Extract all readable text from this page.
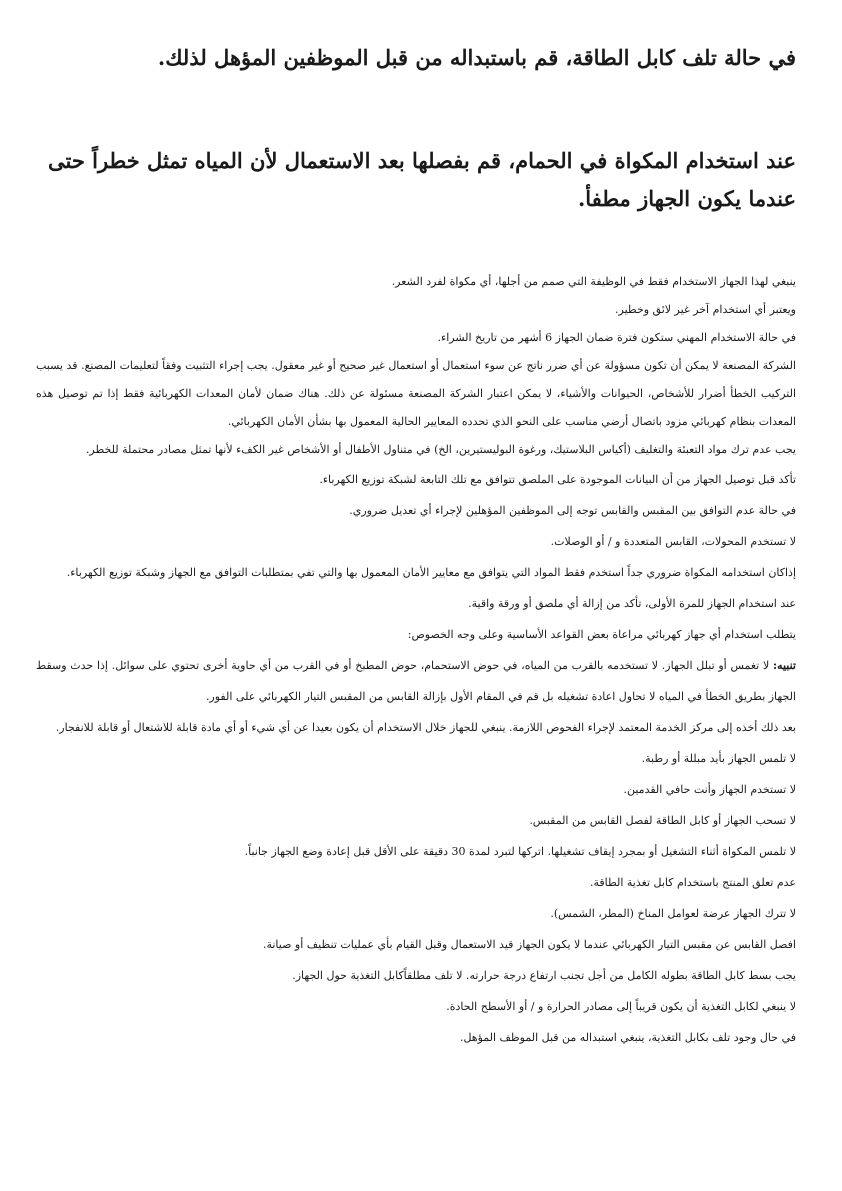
في حالة تلف كابل الطاقة، قم باستبداله من قبل الموظفين المؤهل لذلك.
عند استخدام المكواة في الحمام، قم بفصلها بعد الاستعمال لأن المياه تمثل خطراً حتى عندما يكون الجهاز مطفأ.

ينبغي لهذا الجهاز الاستخدام فقط في الوظيفة التي صمم من أجلها، أي مكواة لفرد الشعر.

ويعتبر أي استخدام آخر غير لائق وخطير.

في حالة الاستخدام المهني ستكون فترة ضمان الجهاز 6 أشهر من تاريخ الشراء.

الشركة المصنعة لا يمكن أن تكون مسؤولة عن أي ضرر ناتج عن سوء استعمال أو استعمال غير صحيح أو غير معقول. يجب إجراء التثبيت وفقاً لتعليمات المصنع. قد يسبب التركيب الخطأ أضرار للأشخاص، الحيوانات والأشياء، لا يمكن اعتبار الشركة المصنعة مسئولة عن ذلك. هناك ضمان لأمان المعدات الكهربائية فقط إذا تم توصيل هذه المعدات بنظام كهربائي مزود باتصال أرضي مناسب على النحو الذي تحدده المعايير الحالية المعمول بها بشأن الأمان الكهربائي.

يجب عدم ترك مواد التعبئة والتغليف (أكياس البلاستيك، ورغوة البوليستيرين، الخ) في متناول الأطفال أو الأشخاص غير الكفء لأنها تمثل مصادر محتملة للخطر.

تأكد قبل توصيل الجهاز من أن البيانات الموجودة على الملصق تتوافق مع تلك التابعة لشبكة توزيع الكهرباء.

في حالة عدم التوافق بين المقبس والقابس توجه إلى الموظفين المؤهلين لإجراء أي تعديل ضروري.

لا تستخدم المحولات، القابس المتعددة و / أو الوصلات.

إذاكان استخدامه المكواة ضروري جداً استخدم فقط المواد التي يتوافق مع معايير الأمان المعمول بها والتي تفي بمتطلبات التوافق مع الجهاز وشبكة توزيع الكهرباء.

عند استخدام الجهاز للمرة الأولى، تأكد من إزالة أي ملصق أو ورقة واقية.

يتطلب استخدام أي جهاز كهربائي مراعاة بعض القواعد الأساسية وعلى وجه الخصوص:

تنبيه: لا تغمس أو تبلل الجهاز. لا تستخدمه بالقرب من المياه، في حوض الاستحمام، حوض المطبخ أو في القرب من أي حاوية أخرى تحتوي على سوائل. إذا حدث وسقط الجهاز بطريق الخطأ في المياه لا تحاول اعادة تشغيله بل قم في المقام الأول بإزالة القابس من المقبس التيار الكهربائي على الفور.

بعد ذلك أخذه إلى مركز الخدمة المعتمد لإجراء الفحوص اللازمة. ينبغي للجهاز خلال الاستخدام أن يكون بعيدا عن أي شيء أو أي مادة قابلة للاشتعال أو قابلة للانفجار.

لا تلمس الجهاز بأيد مبللة أو رطبة.

لا تستخدم الجهاز وأنت حافي القدمين.

لا تسحب الجهاز أو كابل الطاقة لفصل القابس من المقبس.

لا تلمس المكواة أثناء التشغيل أو بمجرد إيقاف تشغيلها. اتركها لتبرد لمدة 30 دقيقة على الأقل قبل إعادة وضع الجهاز جانباً.

عدم تعلق المنتج باستخدام كابل تغذية الطاقة.

لا تترك الجهاز عرضة لعوامل المناخ (المطر، الشمس).

افصل القابس عن مقبس التيار الكهربائي عندما لا يكون الجهاز قيد الاستعمال وقبل القيام بأي عمليات تنظيف أو صيانة.

يجب بسط كابل الطاقة بطوله الكامل من أجل تجنب ارتفاع درجة حرارته. لا تلف مطلقاًكابل التغذية حول الجهاز.

لا ينبغي لكابل التغذية أن يكون قريباً إلى مصادر الحرارة و / أو الأسطح الحادة.

في حال وجود تلف بكابل التغذية، ينبغي استبداله من قبل الموظف المؤهل.
